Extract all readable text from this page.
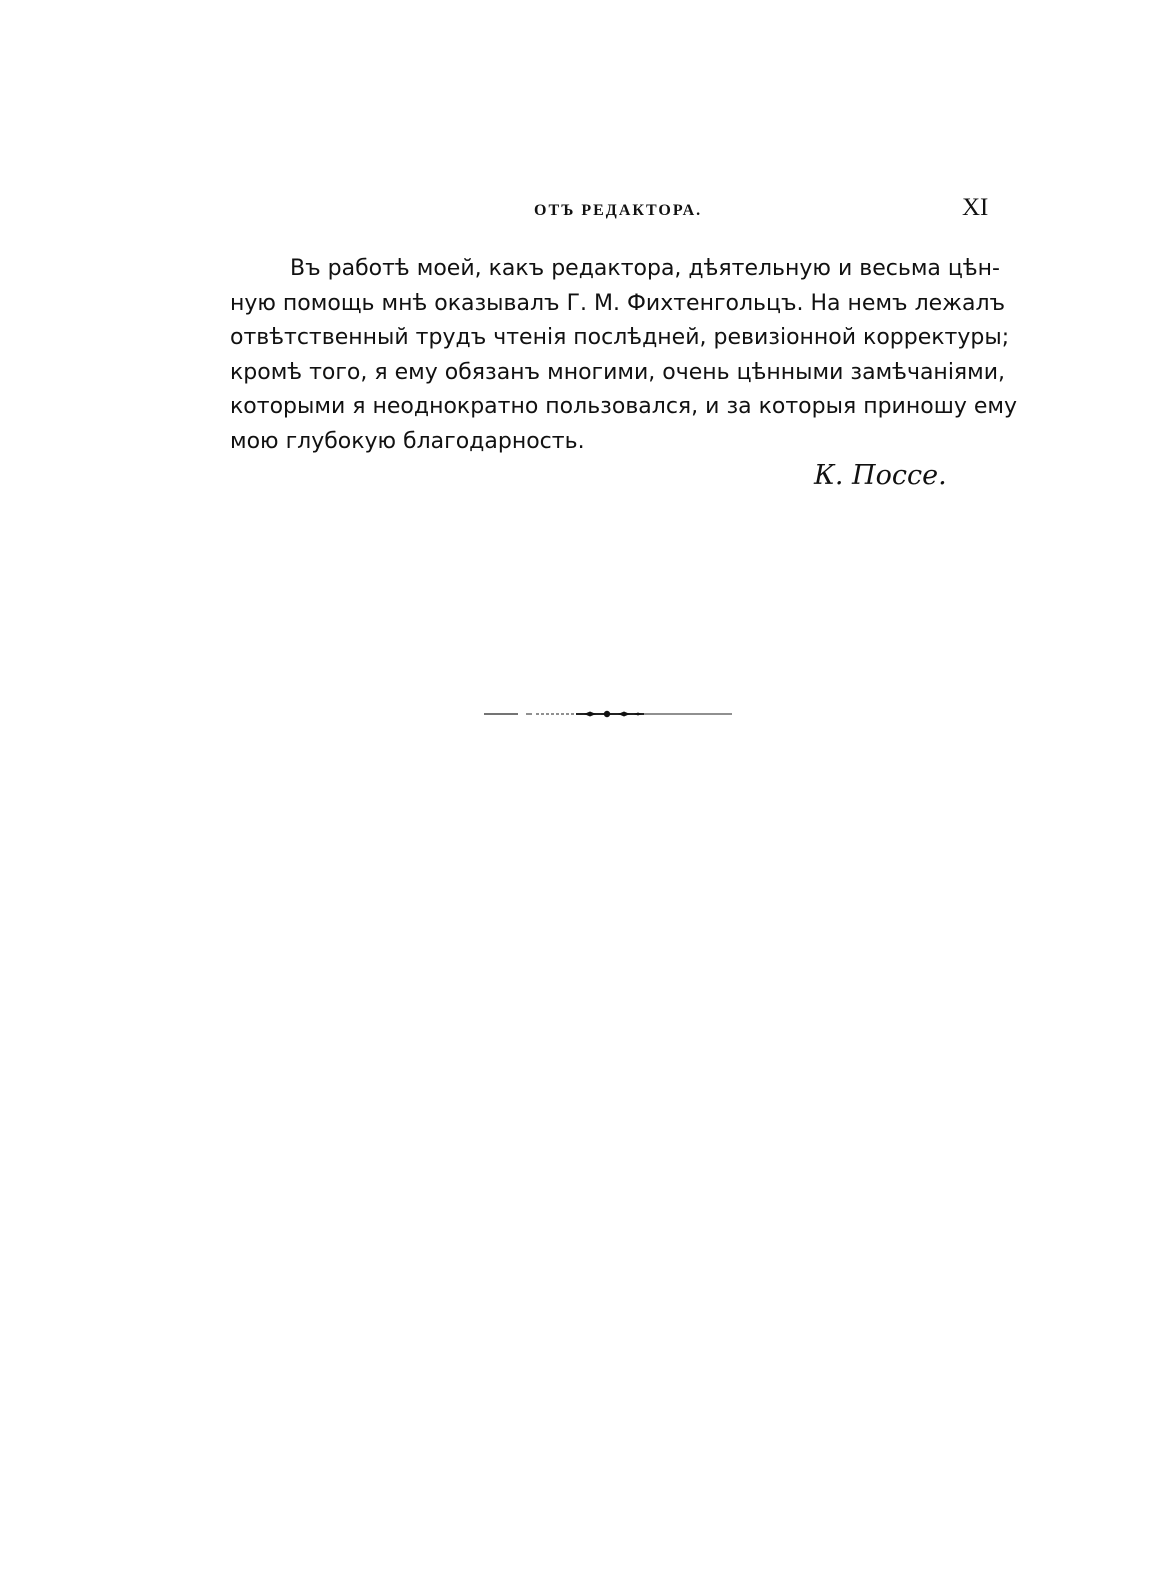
ОТЪ РЕДАКТОРА.	XI
Въ работѣ моей, какъ редактора, дѣятельную и весьма цѣн-
ную помощь мнѣ оказывалъ Г. М. Фихтенгольцъ. На немъ лежалъ
отвѣтственный трудъ чтенія послѣдней, ревизіонной корректуры;
кромѣ того, я ему обязанъ многими, очень цѣнными замѣчаніями,
которыми я неоднократно пользовался, и за которыя приношу ему
мою глубокую благодарность.
К. Поссе.
